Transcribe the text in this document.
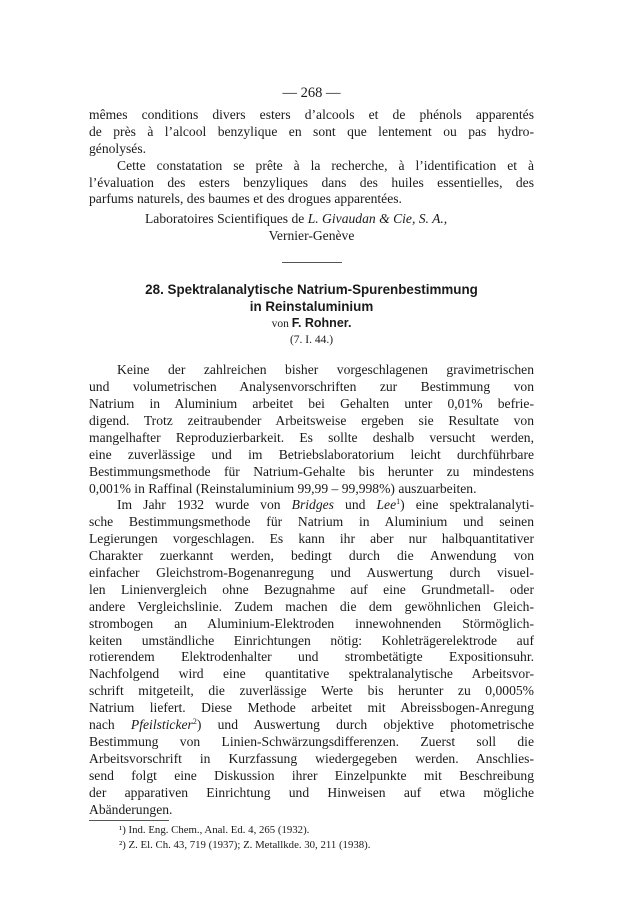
— 268 —
mêmes conditions divers esters d’alcools et de phénols apparentés
de près à l’alcool benzylique en sont que lentement ou pas hydro-
génolysés.
Cette constatation se prête à la recherche, à l’identification et à
l’évaluation des esters benzyliques dans des huiles essentielles, des
parfums naturels, des baumes et des drogues apparentées.
Laboratoires Scientifiques de L. Givaudan & Cie, S. A.,
Vernier-Genève
28. Spektralanalytische Natrium-Spurenbestimmung
in Reinstaluminium
von F. Rohner.
(7. I. 44.)
Keine der zahlreichen bisher vorgeschlagenen gravimetrischen
und volumetrischen Analysenvorschriften zur Bestimmung von
Natrium in Aluminium arbeitet bei Gehalten unter 0,01% befrie-
digend. Trotz zeitraubender Arbeitsweise ergeben sie Resultate von
mangelhafter Reproduzierbarkeit. Es sollte deshalb versucht werden,
eine zuverlässige und im Betriebslaboratorium leicht durchführbare
Bestimmungsmethode für Natrium-Gehalte bis herunter zu mindestens
0,001% in Raffinal (Reinstaluminium 99,99 – 99,998%) auszuarbeiten.
Im Jahr 1932 wurde von Bridges und Lee$^1$) eine spektralanalyti-
sche Bestimmungsmethode für Natrium in Aluminium und seinen
Legierungen vorgeschlagen. Es kann ihr aber nur halbquantitativer
Charakter zuerkannt werden, bedingt durch die Anwendung von
einfacher Gleichstrom-Bogenanregung und Auswertung durch visuel-
len Linienvergleich ohne Bezugnahme auf eine Grundmetall- oder
andere Vergleichslinie. Zudem machen die dem gewöhnlichen Gleich-
strombogen an Aluminium-Elektroden innewohnenden Störmöglich-
keiten umständliche Einrichtungen nötig: Kohleträgerelektrode auf
rotierendem Elektrodenhalter und strombetätigte Expositionsuhr.
Nachfolgend wird eine quantitative spektralanalytische Arbeitsvor-
schrift mitgeteilt, die zuverlässige Werte bis herunter zu 0,0005%
Natrium liefert. Diese Methode arbeitet mit Abreissbogen-Anregung
nach Pfeilsticker$^2$) und Auswertung durch objektive photometrische
Bestimmung von Linien-Schwärzungsdifferenzen. Zuerst soll die
Arbeitsvorschrift in Kurzfassung wiedergegeben werden. Anschlies-
send folgt eine Diskussion ihrer Einzelpunkte mit Beschreibung
der apparativen Einrichtung und Hinweisen auf etwa mögliche
Abänderungen.
¹) Ind. Eng. Chem., Anal. Ed. 4, 265 (1932).
²) Z. El. Ch. 43, 719 (1937); Z. Metallkde. 30, 211 (1938).
